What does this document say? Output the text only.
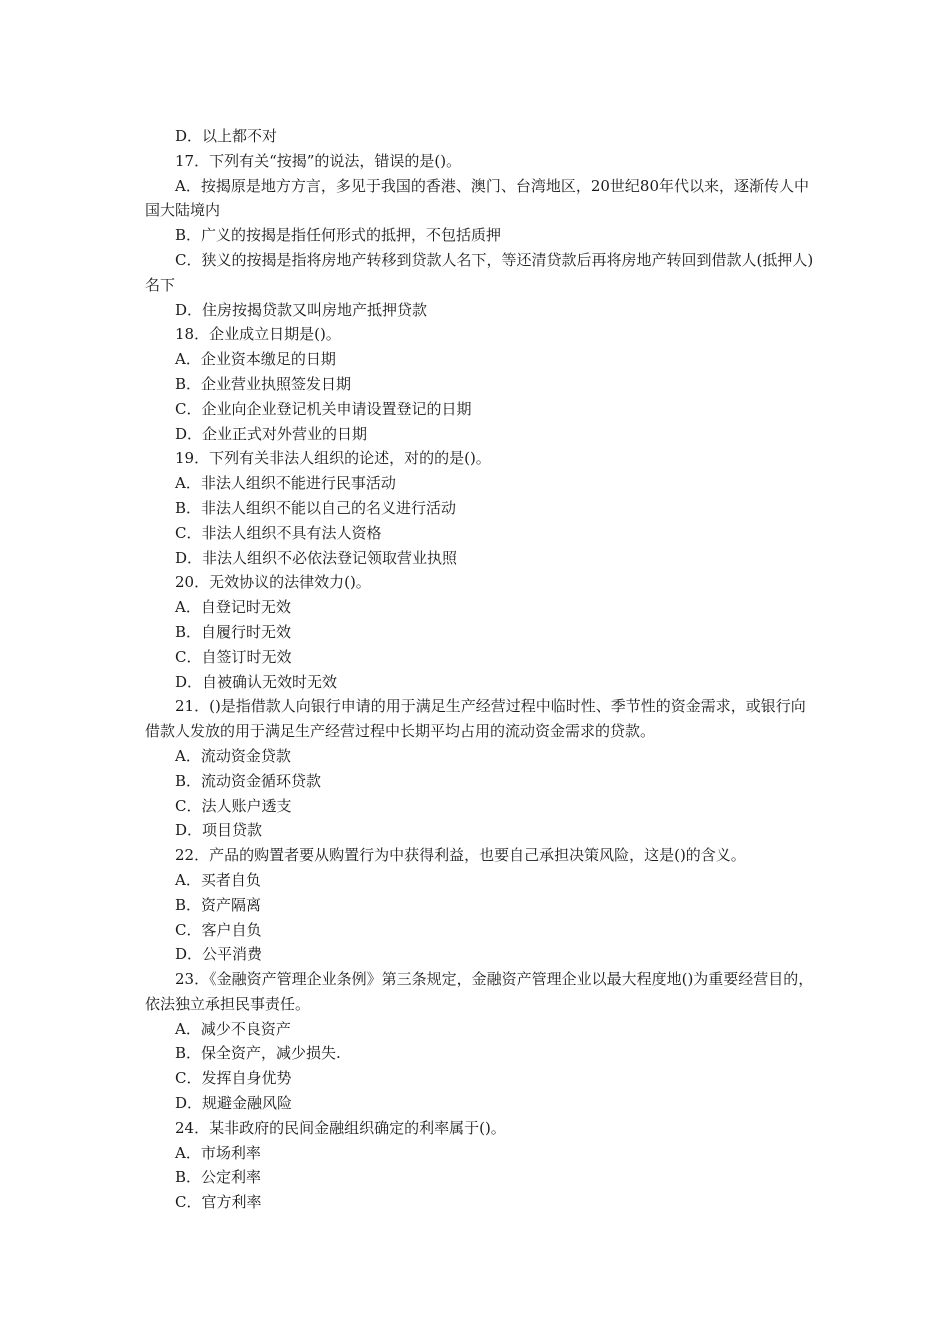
D．以上都不对

17．下列有关“按揭”的说法，错误的是()。

A．按揭原是地方方言，多见于我国的香港、澳门、台湾地区，20世纪80年代以来，逐渐传人中国大陆境内

B．广义的按揭是指任何形式的抵押，不包括质押

C．狭义的按揭是指将房地产转移到贷款人名下，等还清贷款后再将房地产转回到借款人(抵押人)名下

D．住房按揭贷款又叫房地产抵押贷款

18．企业成立日期是()。

A．企业资本缴足的日期

B．企业营业执照签发日期

C．企业向企业登记机关申请设置登记的日期

D．企业正式对外营业的日期

19．下列有关非法人组织的论述，对的的是()。

A．非法人组织不能进行民事活动

B．非法人组织不能以自己的名义进行活动

C．非法人组织不具有法人资格

D．非法人组织不必依法登记领取营业执照

20．无效协议的法律效力()。

A．自登记时无效

B．自履行时无效

C．自签订时无效

D．自被确认无效时无效

21．()是指借款人向银行申请的用于满足生产经营过程中临时性、季节性的资金需求，或银行向借款人发放的用于满足生产经营过程中长期平均占用的流动资金需求的贷款。

A．流动资金贷款

B．流动资金循环贷款

C．法人账户透支

D．项目贷款

22．产品的购置者要从购置行为中获得利益，也要自己承担决策风险，这是()的含义。

A．买者自负

B．资产隔离

C．客户自负

D．公平消费

23．《金融资产管理企业条例》第三条规定，金融资产管理企业以最大程度地()为重要经营目的，依法独立承担民事责任。

A．减少不良资产

B．保全资产，减少损失.

C．发挥自身优势

D．规避金融风险

24．某非政府的民间金融组织确定的利率属于()。

A．市场利率

B．公定利率

C．官方利率
